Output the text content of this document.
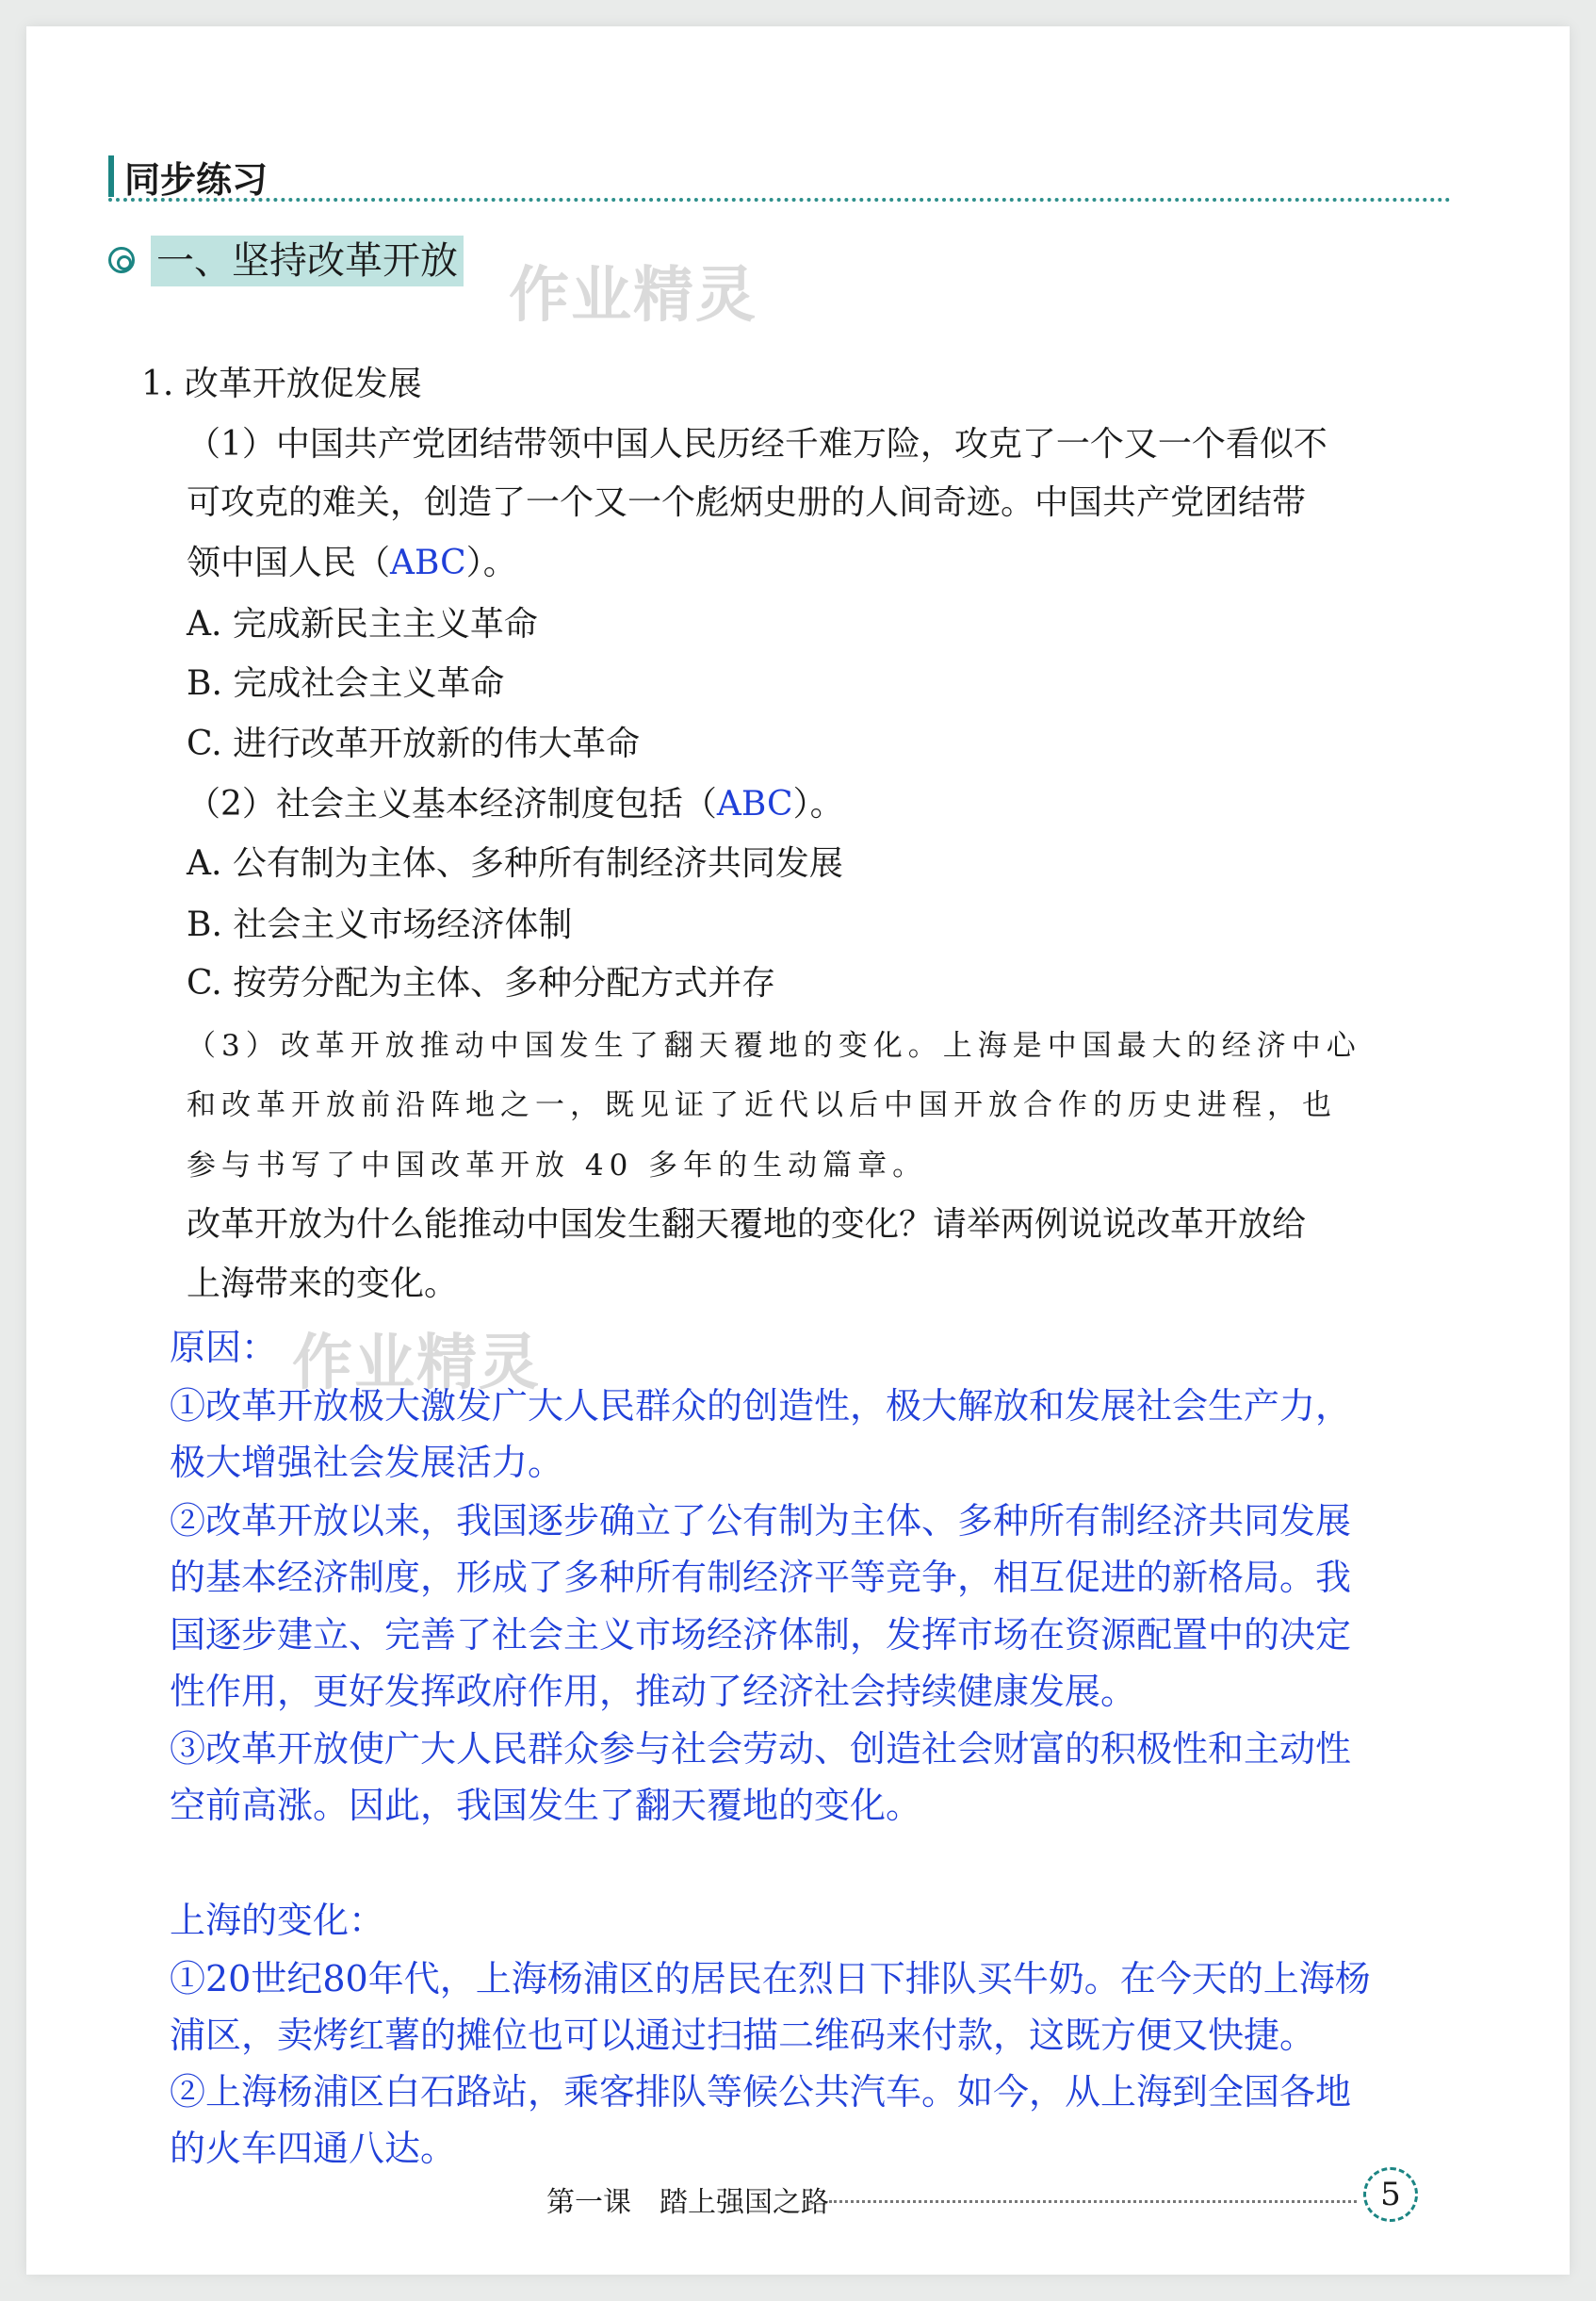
同步练习
一、坚持改革开放 作业精灵
1. 改革开放促发展
（1）中国共产党团结带领中国人民历经千难万险，攻克了一个又一个看似不
可攻克的难关，创造了一个又一个彪炳史册的人间奇迹。中国共产党团结带
领中国人民（ABC）。
A. 完成新民主主义革命
B. 完成社会主义革命
C. 进行改革开放新的伟大革命
（2）社会主义基本经济制度包括（ABC）。
A. 公有制为主体、多种所有制经济共同发展
B. 社会主义市场经济体制
C. 按劳分配为主体、多种分配方式并存
（3）改革开放推动中国发生了翻天覆地的变化。上海是中国最大的经济中心
和改革开放前沿阵地之一，既见证了近代以后中国开放合作的历史进程，也
参与书写了中国改革开放 40 多年的生动篇章。
改革开放为什么能推动中国发生翻天覆地的变化？请举两例说说改革开放给
上海带来的变化。
原因： 作业精灵
①改革开放极大激发广大人民群众的创造性，极大解放和发展社会生产力，
极大增强社会发展活力。
②改革开放以来，我国逐步确立了公有制为主体、多种所有制经济共同发展
的基本经济制度，形成了多种所有制经济平等竞争，相互促进的新格局。我
国逐步建立、完善了社会主义市场经济体制，发挥市场在资源配置中的决定
性作用，更好发挥政府作用，推动了经济社会持续健康发展。
③改革开放使广大人民群众参与社会劳动、创造社会财富的积极性和主动性
空前高涨。因此，我国发生了翻天覆地的变化。
上海的变化：
①20世纪80年代，上海杨浦区的居民在烈日下排队买牛奶。在今天的上海杨
浦区，卖烤红薯的摊位也可以通过扫描二维码来付款，这既方便又快捷。
②上海杨浦区白石路站，乘客排队等候公共汽车。如今，从上海到全国各地
的火车四通八达。
第一课　踏上强国之路	5
